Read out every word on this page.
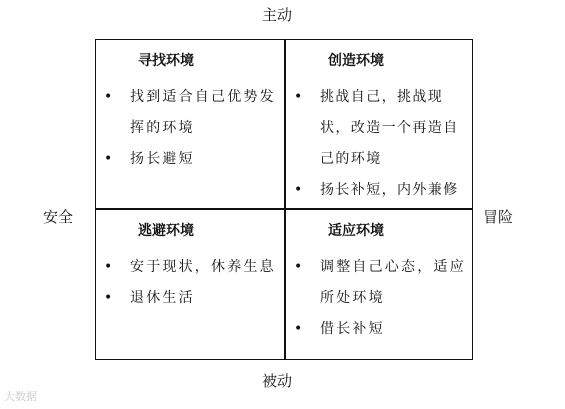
主动
安全	冒险
被动
寻找环境
• 找到适合自己优势发挥的环境
• 扬长避短
创造环境
• 挑战自己，挑战现状，改造一个再造自己的环境
• 扬长补短，内外兼修
逃避环境
• 安于现状，休养生息
• 退休生活
适应环境
• 调整自己心态，适应所处环境
• 借长补短
大数据
